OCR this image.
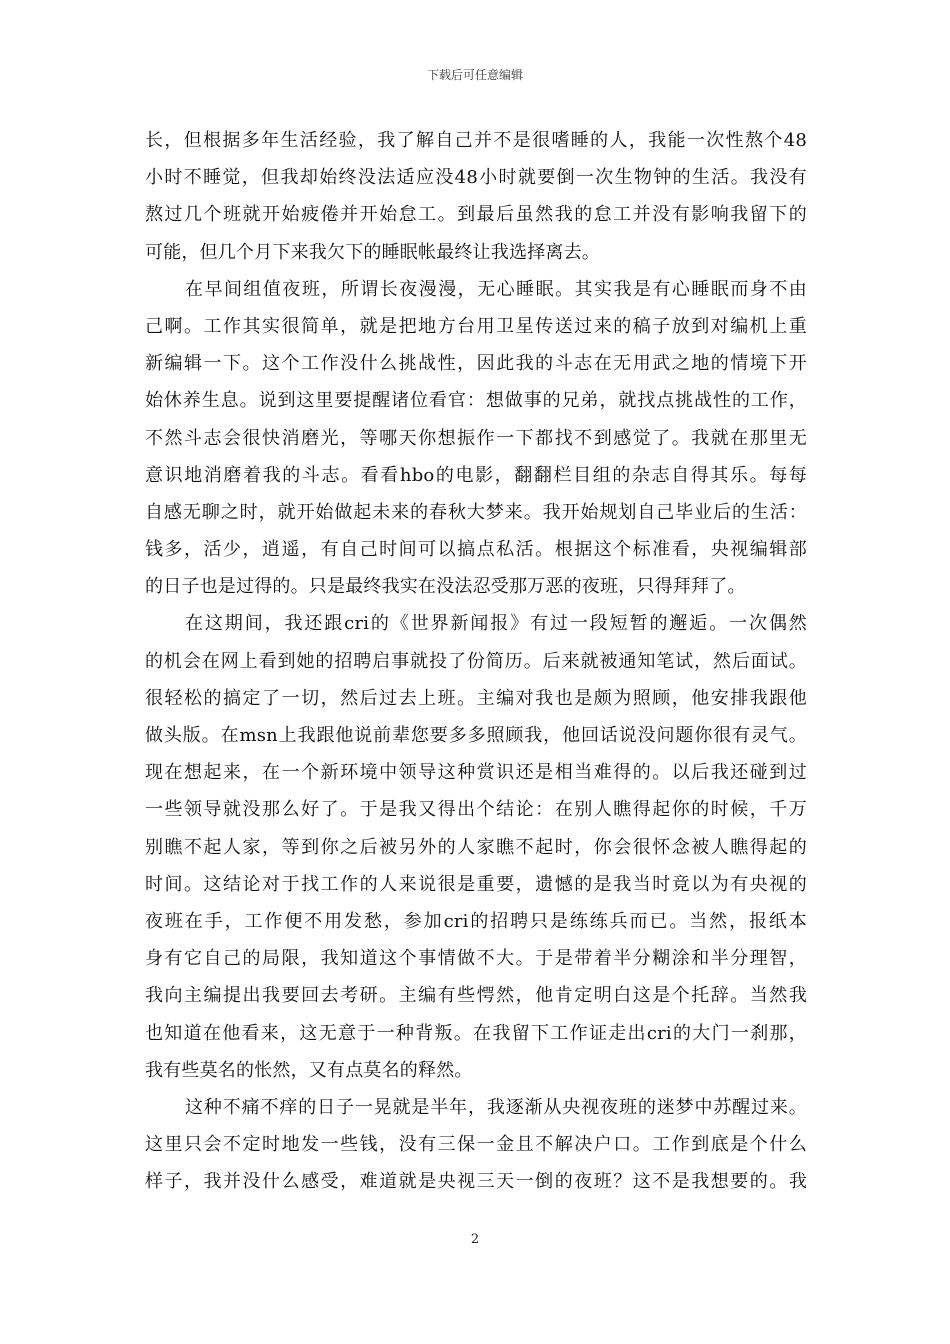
下载后可任意编辑
长，但根据多年生活经验，我了解自己并不是很嗜睡的人，我能一次性熬个48
小时不睡觉，但我却始终没法适应没48小时就要倒一次生物钟的生活。我没有
熬过几个班就开始疲倦并开始怠工。到最后虽然我的怠工并没有影响我留下的
可能，但几个月下来我欠下的睡眠帐最终让我选择离去。
在早间组值夜班，所谓长夜漫漫，无心睡眠。其实我是有心睡眠而身不由
己啊。工作其实很简单，就是把地方台用卫星传送过来的稿子放到对编机上重
新编辑一下。这个工作没什么挑战性，因此我的斗志在无用武之地的情境下开
始休养生息。说到这里要提醒诸位看官：想做事的兄弟，就找点挑战性的工作，
不然斗志会很快消磨光，等哪天你想振作一下都找不到感觉了。我就在那里无
意识地消磨着我的斗志。看看hbo的电影，翻翻栏目组的杂志自得其乐。每每
自感无聊之时，就开始做起未来的春秋大梦来。我开始规划自己毕业后的生活：
钱多，活少，逍遥，有自己时间可以搞点私活。根据这个标准看，央视编辑部
的日子也是过得的。只是最终我实在没法忍受那万恶的夜班，只得拜拜了。
在这期间，我还跟cri的《世界新闻报》有过一段短暂的邂逅。一次偶然
的机会在网上看到她的招聘启事就投了份简历。后来就被通知笔试，然后面试。
很轻松的搞定了一切，然后过去上班。主编对我也是颇为照顾，他安排我跟他
做头版。在msn上我跟他说前辈您要多多照顾我，他回话说没问题你很有灵气。
现在想起来，在一个新环境中领导这种赏识还是相当难得的。以后我还碰到过
一些领导就没那么好了。于是我又得出个结论：在别人瞧得起你的时候，千万
别瞧不起人家，等到你之后被另外的人家瞧不起时，你会很怀念被人瞧得起的
时间。这结论对于找工作的人来说很是重要，遗憾的是我当时竟以为有央视的
夜班在手，工作便不用发愁，参加cri的招聘只是练练兵而已。当然，报纸本
身有它自己的局限，我知道这个事情做不大。于是带着半分糊涂和半分理智，
我向主编提出我要回去考研。主编有些愕然，他肯定明白这是个托辞。当然我
也知道在他看来，这无意于一种背叛。在我留下工作证走出cri的大门一刹那，
我有些莫名的怅然，又有点莫名的释然。
这种不痛不痒的日子一晃就是半年，我逐渐从央视夜班的迷梦中苏醒过来。
这里只会不定时地发一些钱，没有三保一金且不解决户口。工作到底是个什么
样子，我并没什么感受，难道就是央视三天一倒的夜班？这不是我想要的。我
2
